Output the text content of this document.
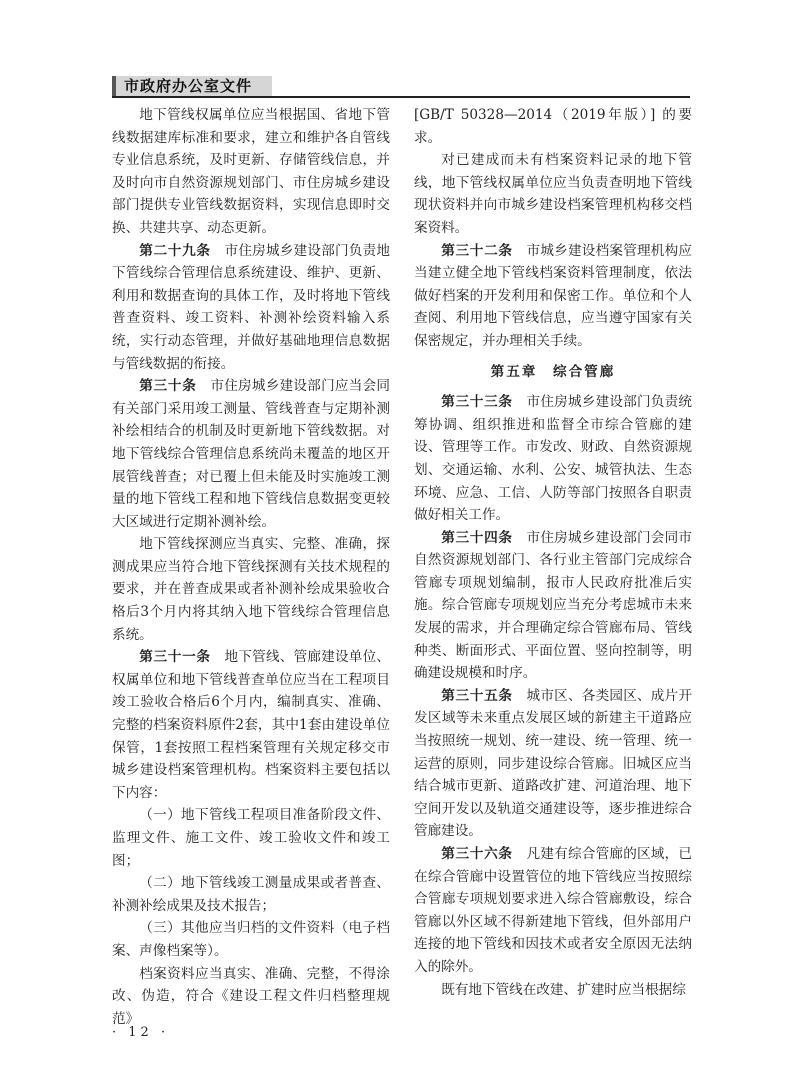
市政府办公室文件

地下管线权属单位应当根据国、省地下管线数据建库标准和要求，建立和维护各自管线专业信息系统，及时更新、存储管线信息，并及时向市自然资源规划部门、市住房城乡建设部门提供专业管线数据资料，实现信息即时交换、共建共享、动态更新。

第二十九条　市住房城乡建设部门负责地下管线综合管理信息系统建设、维护、更新、利用和数据查询的具体工作，及时将地下管线普查资料、竣工资料、补测补绘资料输入系统，实行动态管理，并做好基础地理信息数据与管线数据的衔接。

第三十条　市住房城乡建设部门应当会同有关部门采用竣工测量、管线普查与定期补测补绘相结合的机制及时更新地下管线数据。对地下管线综合管理信息系统尚未覆盖的地区开展管线普查；对已覆上但未能及时实施竣工测量的地下管线工程和地下管线信息数据变更较大区域进行定期补测补绘。

地下管线探测应当真实、完整、准确，探测成果应当符合地下管线探测有关技术规程的要求，并在普查成果或者补测补绘成果验收合格后3个月内将其纳入地下管线综合管理信息系统。

第三十一条　地下管线、管廊建设单位、权属单位和地下管线普查单位应当在工程项目竣工验收合格后6个月内，编制真实、准确、完整的档案资料原件2套，其中1套由建设单位保管，1套按照工程档案管理有关规定移交市城乡建设档案管理机构。档案资料主要包括以下内容：

（一）地下管线工程项目准备阶段文件、监理文件、施工文件、竣工验收文件和竣工图；

（二）地下管线竣工测量成果或者普查、补测补绘成果及技术报告；

（三）其他应当归档的文件资料（电子档案、声像档案等）。

档案资料应当真实、准确、完整，不得涂改、伪造，符合《建设工程文件归档整理规范》

[GB/T 50328—2014（2019年版）] 的要求。

对已建成而未有档案资料记录的地下管线，地下管线权属单位应当负责查明地下管线现状资料并向市城乡建设档案管理机构移交档案资料。

第三十二条　市城乡建设档案管理机构应当建立健全地下管线档案资料管理制度，依法做好档案的开发利用和保密工作。单位和个人查阅、利用地下管线信息，应当遵守国家有关保密规定，并办理相关手续。

第五章　综合管廊

第三十三条　市住房城乡建设部门负责统筹协调、组织推进和监督全市综合管廊的建设、管理等工作。市发改、财政、自然资源规划、交通运输、水利、公安、城管执法、生态环境、应急、工信、人防等部门按照各自职责做好相关工作。

第三十四条　市住房城乡建设部门会同市自然资源规划部门、各行业主管部门完成综合管廊专项规划编制，报市人民政府批准后实施。综合管廊专项规划应当充分考虑城市未来发展的需求，并合理确定综合管廊布局、管线种类、断面形式、平面位置、竖向控制等，明确建设规模和时序。

第三十五条　城市区、各类园区、成片开发区域等未来重点发展区域的新建主干道路应当按照统一规划、统一建设、统一管理、统一运营的原则，同步建设综合管廊。旧城区应当结合城市更新、道路改扩建、河道治理、地下空间开发以及轨道交通建设等，逐步推进综合管廊建设。

第三十六条　凡建有综合管廊的区域，已在综合管廊中设置管位的地下管线应当按照综合管廊专项规划要求进入综合管廊敷设，综合管廊以外区域不得新建地下管线，但外部用户连接的地下管线和因技术或者安全原因无法纳入的除外。

既有地下管线在改建、扩建时应当根据综

· 12 ·
